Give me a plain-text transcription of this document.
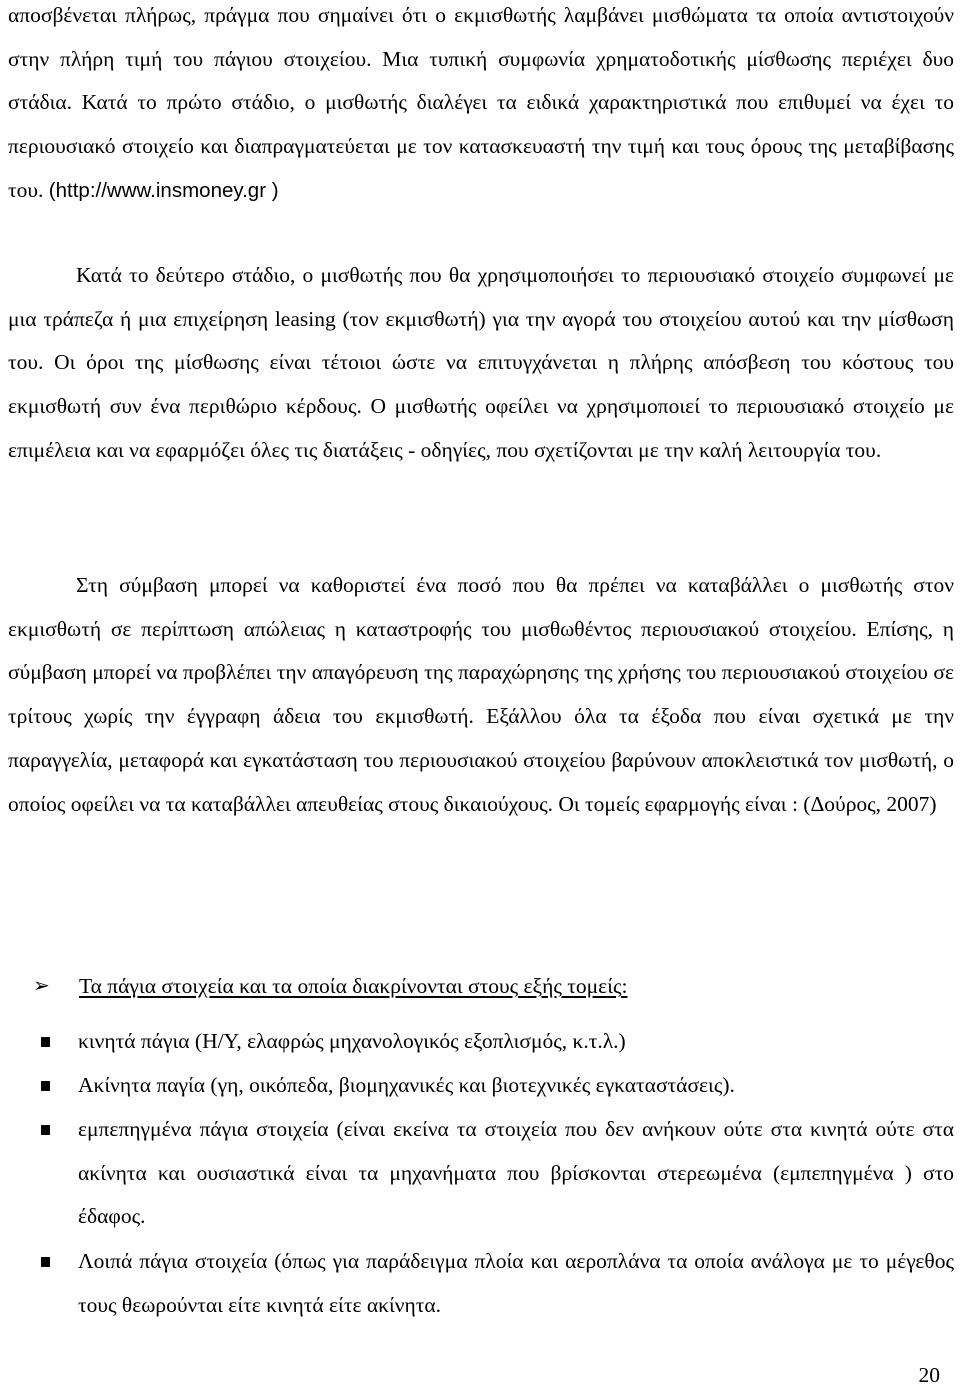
αποσβένεται πλήρως, πράγμα που σημαίνει ότι ο εκμισθωτής λαμβάνει μισθώματα τα οποία αντιστοιχούν στην πλήρη τιμή του πάγιου στοιχείου. Μια τυπική συμφωνία χρηματοδοτικής μίσθωσης περιέχει δυο στάδια. Κατά το πρώτο στάδιο, ο μισθωτής διαλέγει τα ειδικά χαρακτηριστικά που επιθυμεί να έχει το περιουσιακό στοιχείο και διαπραγματεύεται με τον κατασκευαστή την τιμή και τους όρους της μεταβίβασης του. (http://www.insmoney.gr )

Κατά το δεύτερο στάδιο, ο μισθωτής που θα χρησιμοποιήσει το περιουσιακό στοιχείο συμφωνεί με μια τράπεζα ή μια επιχείρηση leasing (τον εκμισθωτή) για την αγορά του στοιχείου αυτού και την μίσθωση του. Οι όροι της μίσθωσης είναι τέτοιοι ώστε να επιτυγχάνεται η πλήρης απόσβεση του κόστους του εκμισθωτή συν ένα περιθώριο κέρδους. Ο μισθωτής οφείλει να χρησιμοποιεί το περιουσιακό στοιχείο με επιμέλεια και να εφαρμόζει όλες τις διατάξεις - οδηγίες, που σχετίζονται με την καλή λειτουργία του.

Στη σύμβαση μπορεί να καθοριστεί ένα ποσό που θα πρέπει να καταβάλλει ο μισθωτής στον εκμισθωτή σε περίπτωση απώλειας η καταστροφής του μισθωθέντος περιουσιακού στοιχείου. Επίσης, η σύμβαση μπορεί να προβλέπει την απαγόρευση της παραχώρησης της χρήσης του περιουσιακού στοιχείου σε τρίτους χωρίς την έγγραφη άδεια του εκμισθωτή. Εξάλλου όλα τα έξοδα που είναι σχετικά με την παραγγελία, μεταφορά και εγκατάσταση του περιουσιακού στοιχείου βαρύνουν αποκλειστικά τον μισθωτή, ο οποίος οφείλει να τα καταβάλλει απευθείας στους δικαιούχους. Οι τομείς εφαρμογής είναι : (Δούρος, 2007)

➢ Τα πάγια στοιχεία και τα οποία διακρίνονται στους εξής τομείς:

κινητά πάγια (Η/Υ, ελαφρώς μηχανολογικός εξοπλισμός, κ.τ.λ.)

Ακίνητα παγία (γη, οικόπεδα, βιομηχανικές και βιοτεχνικές εγκαταστάσεις).

εμπεπηγμένα πάγια στοιχεία (είναι εκείνα τα στοιχεία που δεν ανήκουν ούτε στα κινητά ούτε στα ακίνητα και ουσιαστικά είναι τα μηχανήματα που βρίσκονται στερεωμένα (εμπεπηγμένα ) στο έδαφος.

Λοιπά πάγια στοιχεία (όπως για παράδειγμα πλοία και αεροπλάνα τα οποία ανάλογα με το μέγεθος τους θεωρούνται είτε κινητά είτε ακίνητα.

20
